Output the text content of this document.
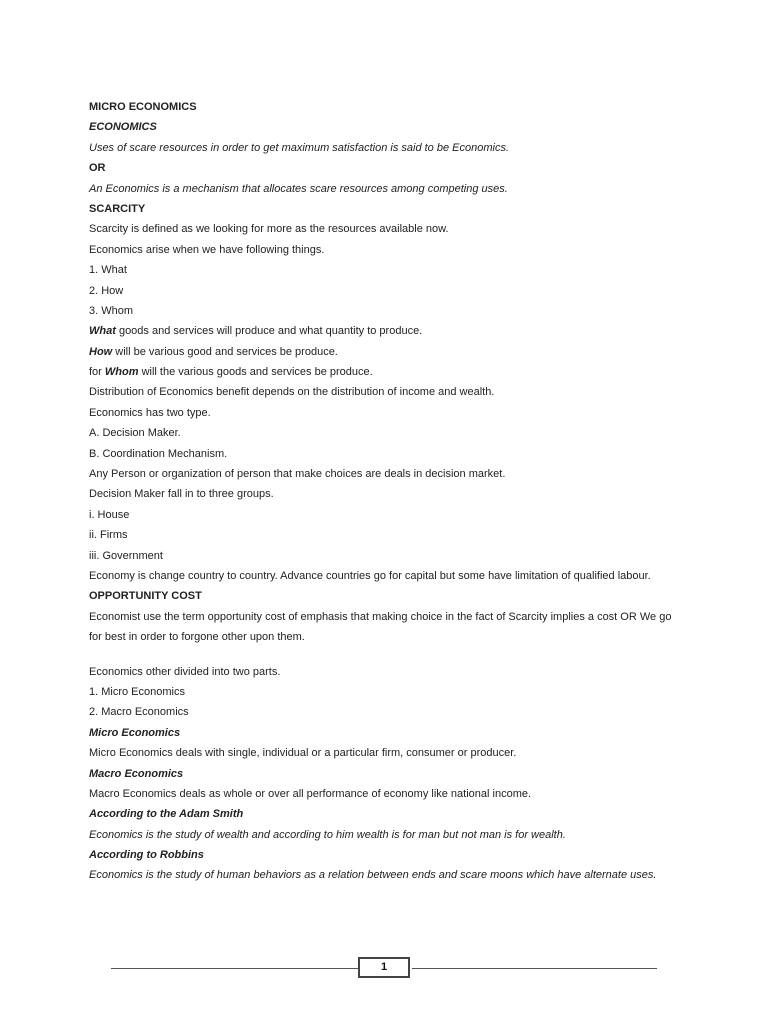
MICRO ECONOMICS
ECONOMICS
Uses of scare resources in order to get maximum satisfaction is said to be Economics.
OR
An Economics is a mechanism that allocates scare resources among competing uses.
SCARCITY
Scarcity is defined as we looking for more as the resources available now.
Economics arise when we have following things.
1. What
2. How
3. Whom
What goods and services will produce and what quantity to produce.
How will be various good and services be produce.
for Whom will the various goods and services be produce.
Distribution of Economics benefit depends on the distribution of income and wealth.
Economics has two type.
A. Decision Maker.
B. Coordination Mechanism.
Any Person or organization of person that make choices are deals in decision market.
Decision Maker fall in to three groups.
i. House
ii. Firms
iii. Government
Economy is change country to country. Advance countries go for capital but some have limitation of qualified labour.
OPPORTUNITY COST
Economist use the term opportunity cost of emphasis that making choice in the fact of Scarcity implies a cost OR We go for best in order to forgone other upon them.
Economics other divided into two parts.
1. Micro Economics
2. Macro Economics
Micro Economics
Micro Economics deals with single, individual or a particular firm, consumer or producer.
Macro Economics
Macro Economics deals as whole or over all performance of economy like national income.
According to the Adam Smith
Economics is the study of wealth and according to him wealth is for man but not man is for wealth.
According to Robbins
Economics is the study of human behaviors as a relation between ends and scare moons which have alternate uses.
1
